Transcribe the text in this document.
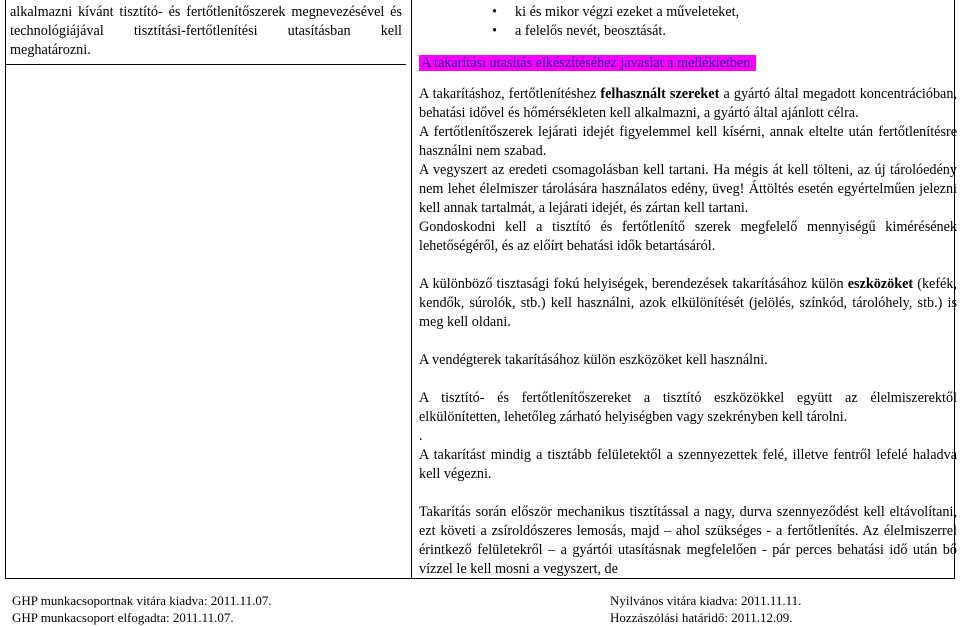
alkalmazni kívánt tisztító- és fertőtlenítőszerek megnevezésével és technológiájával tisztítási-fertőtlenítési utasításban kell meghatározni.

• ki és mikor végzi ezeket a műveleteket,
• a felelős nevét, beosztását.

A takarítási utasítás elkészítéséhez javaslat a mellékletben.

A takarításhoz, fertőtlenítéshez felhasznált szereket a gyártó által megadott koncentrációban, behatási idővel és hőmérsékleten kell alkalmazni, a gyártó által ajánlott célra.

A fertőtlenítőszerek lejárati idejét figyelemmel kell kísérni, annak eltelte után fertőtlenítésre használni nem szabad.

A vegyszert az eredeti csomagolásban kell tartani. Ha mégis át kell tölteni, az új tárolóedény nem lehet élelmiszer tárolására használatos edény, üveg! Áttöltés esetén egyértelműen jelezni kell annak tartalmát, a lejárati idejét, és zártan kell tartani.

Gondoskodni kell a tisztító és fertőtlenítő szerek megfelelő mennyiségű kimérésének lehetőségéről, és az előírt behatási idők betartásáról.

A különböző tisztasági fokú helyiségek, berendezések takarításához külön eszközöket (kefék, kendők, súrolók, stb.) kell használni, azok elkülönítését (jelölés, színkód, tárolóhely, stb.) is meg kell oldani.

A vendégterek takarításához külön eszközöket kell használni.

A tisztító- és fertőtlenítőszereket a tisztító eszközökkel együtt az élelmiszerektől elkülönítetten, lehetőleg zárható helyiségben vagy szekrényben kell tárolni.

.

A takarítást mindig a tisztább felületektől a szennyezettek felé, illetve fentről lefelé haladva kell végezni.

Takarítás során először mechanikus tisztítással a nagy, durva szennyeződést kell eltávolítani, ezt követi a zsíroldószeres lemosás, majd – ahol szükséges - a fertőtlenítés. Az élelmiszerrel érintkező felületekről – a gyártói utasításnak megfelelően - pár perces behatási idő után bő vízzel le kell mosni a vegyszert, de

GHP munkacsoportnak vitára kiadva: 2011.11.07.
GHP munkacsoport elfogadta: 2011.11.07.
Nyilvános vitára kiadva: 2011.11.11.
Hozzászólási határidő: 2011.12.09.
